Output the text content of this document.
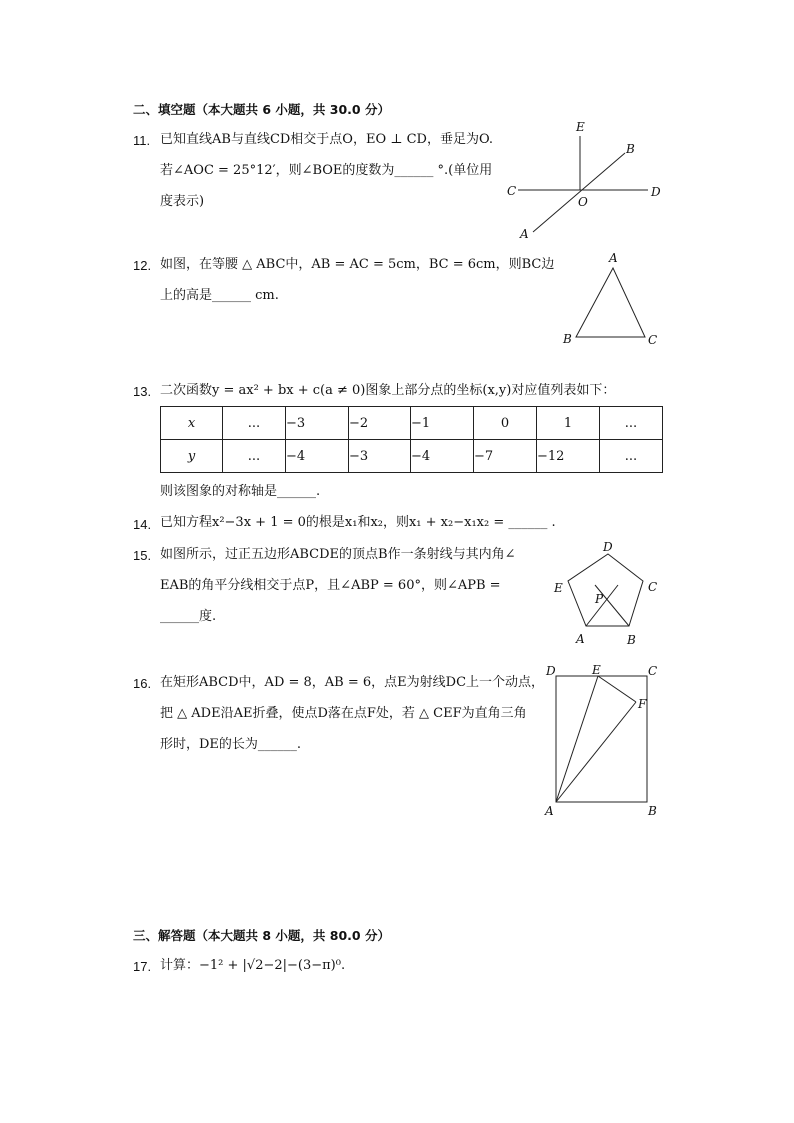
二、填空题（本大题共 6 小题，共 30.0 分）
11. 已知直线AB与直线CD相交于点O，EO ⊥ CD，垂足为O.
若∠AOC = 25°12′，则∠BOE的度数为______ °.(单位用
度表示)
E
B
C	D
O
A
12. 如图，在等腰 △ ABC中，AB = AC = 5cm，BC = 6cm，则BC边
上的高是______ cm.
A
B	C
13. 二次函数y = ax² + bx + c(a ≠ 0)图象上部分点的坐标(x,y)对应值列表如下：
x	...	−3	−2	−1	0	1	...
y	...	−4	−3	−4	−7	−12	...
则该图象的对称轴是______.
14. 已知方程x²−3x + 1 = 0的根是x₁和x₂，则x₁ + x₂−x₁x₂ = ______ .
15. 如图所示，过正五边形ABCDE的顶点B作一条射线与其内角∠
EAB的角平分线相交于点P，且∠ABP = 60°，则∠APB =
______度.
D
E	C
P
A	B
16. 在矩形ABCD中，AD = 8，AB = 6，点E为射线DC上一个动点，
把 △ ADE沿AE折叠，使点D落在点F处，若 △ CEF为直角三角
形时，DE的长为______.
D	E	C
F
A	B
三、解答题（本大题共 8 小题，共 80.0 分）
17. 计算：−1² + |√2−2|−(3−π)⁰.
